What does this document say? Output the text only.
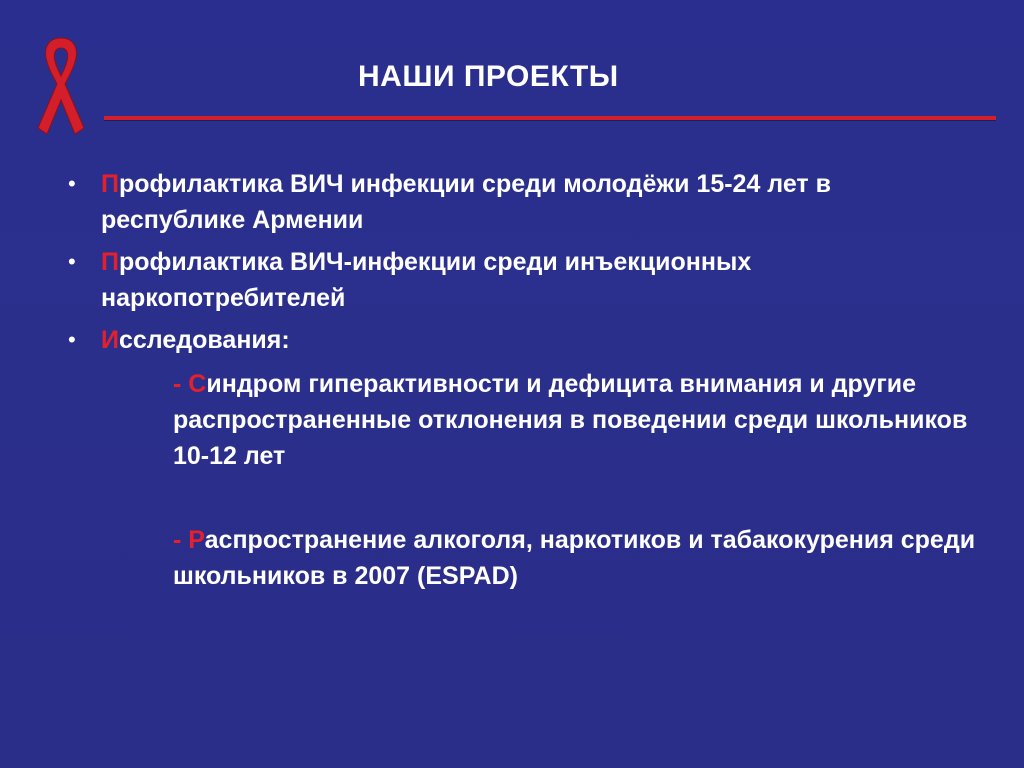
НАШИ ПРОЕКТЫ
• Профилактика ВИЧ инфекции среди молодёжи 15-24 лет в республике Армении
• Профилактика ВИЧ-инфекции среди инъекционных наркопотребителей
• Исследования:
- Синдром гиперактивности и дефицита внимания и другие распространенные отклонения в поведении среди школьников 10-12 лет
- Распространение алкоголя, наркотиков и табакокурения среди школьников в 2007 (ESPAD)
